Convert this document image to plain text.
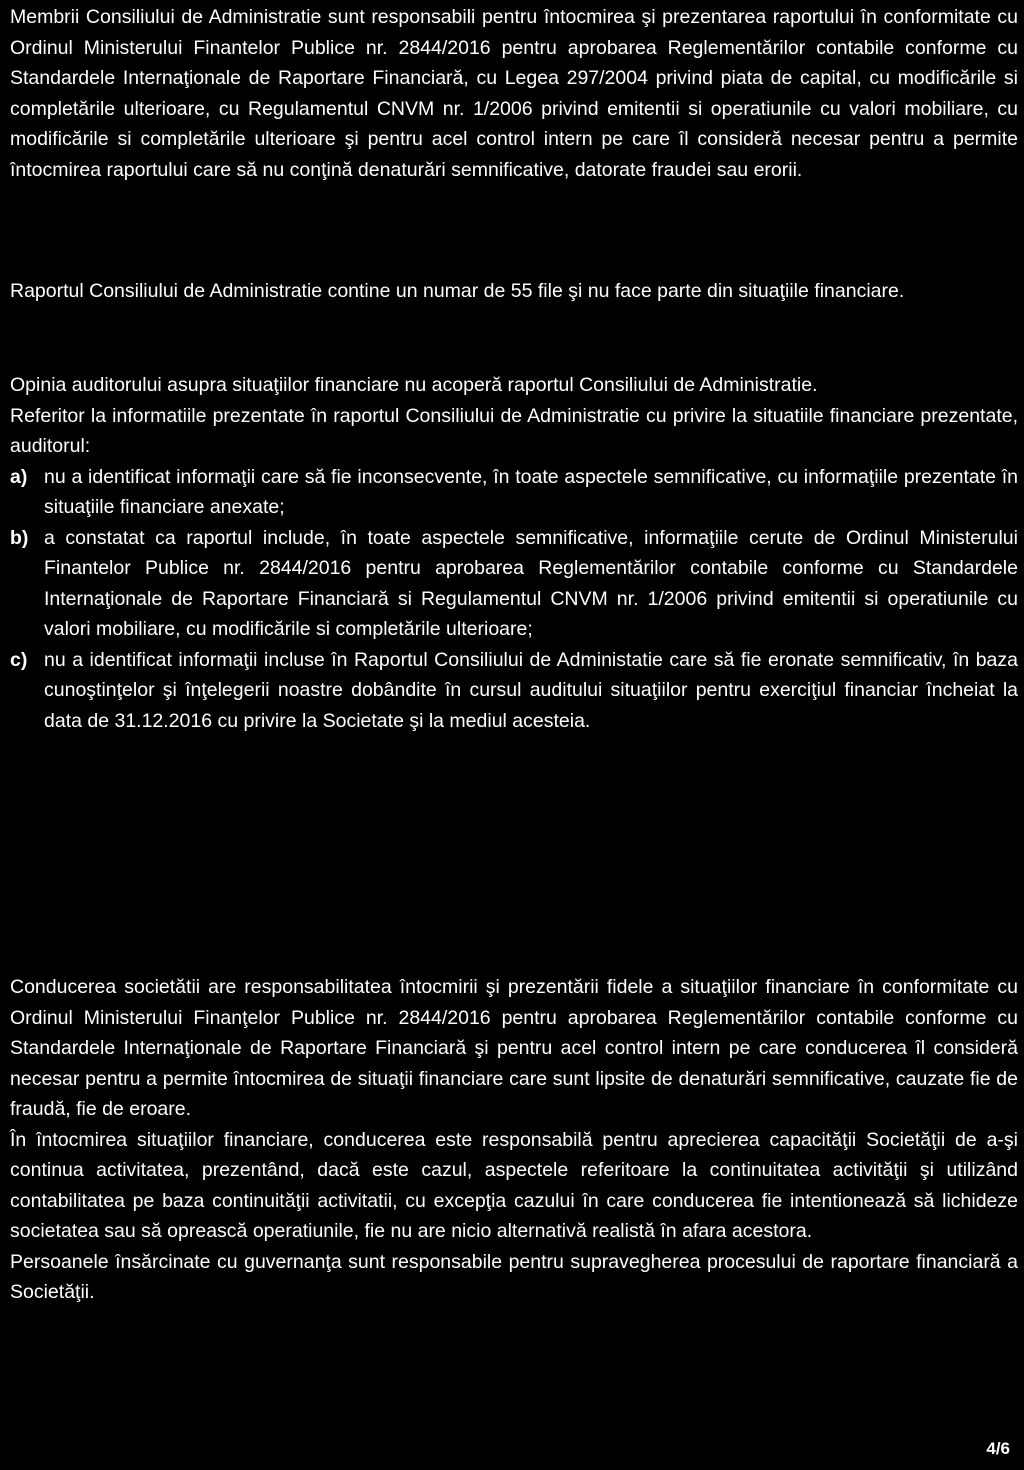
Membrii Consiliului de Administratie sunt responsabili pentru întocmirea şi prezentarea raportului în conformitate cu Ordinul Ministerului Finantelor Publice nr. 2844/2016 pentru aprobarea Reglementărilor contabile conforme cu Standardele Internaţionale de Raportare Financiară, cu Legea 297/2004 privind piata de capital, cu modificările si completările ulterioare, cu Regulamentul CNVM nr. 1/2006 privind emitentii si operatiunile cu valori mobiliare, cu modificările si completările ulterioare şi pentru acel control intern pe care îl consideră necesar pentru a permite întocmirea raportului care să nu conţină denaturări semnificative, datorate fraudei sau erorii.

Raportul Consiliului de Administratie contine un numar de 55 file şi nu face parte din situaţiile financiare.

Opinia auditorului asupra situaţiilor financiare nu acoperă raportul Consiliului de Administratie.

Referitor la informatiile prezentate în raportul Consiliului de Administratie cu privire la situatiile financiare prezentate, auditorul:

a) nu a identificat informaţii care să fie inconsecvente, în toate aspectele semnificative, cu informaţiile prezentate în situaţiile financiare anexate;
b) a constatat ca raportul include, în toate aspectele semnificative, informaţiile cerute de Ordinul Ministerului Finantelor Publice nr. 2844/2016 pentru aprobarea Reglementărilor contabile conforme cu Standardele Internaţionale de Raportare Financiară si Regulamentul CNVM nr. 1/2006 privind emitentii si operatiunile cu valori mobiliare, cu modificările si completările ulterioare;
c) nu a identificat informaţii incluse în Raportul Consiliului de Administatie care să fie eronate semnificativ, în baza cunoştinţelor şi înţelegerii noastre dobândite în cursul auditului situaţiilor pentru exerciţiul financiar încheiat la data de 31.12.2016 cu privire la Societate şi la mediul acesteia.

Conducerea societătii are responsabilitatea întocmirii şi prezentării fidele a situaţiilor financiare în conformitate cu Ordinul Ministerului Finanţelor Publice nr. 2844/2016 pentru aprobarea Reglementărilor contabile conforme cu Standardele Internaţionale de Raportare Financiară şi pentru acel control intern pe care conducerea îl consideră necesar pentru a permite întocmirea de situaţii financiare care sunt lipsite de denaturări semnificative, cauzate fie de fraudă, fie de eroare.

În întocmirea situaţiilor financiare, conducerea este responsabilă pentru aprecierea capacităţii Societăţii de a-şi continua activitatea, prezentând, dacă este cazul, aspectele referitoare la continuitatea activităţii şi utilizând contabilitatea pe baza continuităţii activitatii, cu excepţia cazului în care conducerea fie intentionează să lichideze societatea sau să oprească operatiunile, fie nu are nicio alternativă realistă în afara acestora.

Persoanele însărcinate cu guvernanţa sunt responsabile pentru supravegherea procesului de raportare financiară a Societăţii.

4/6
